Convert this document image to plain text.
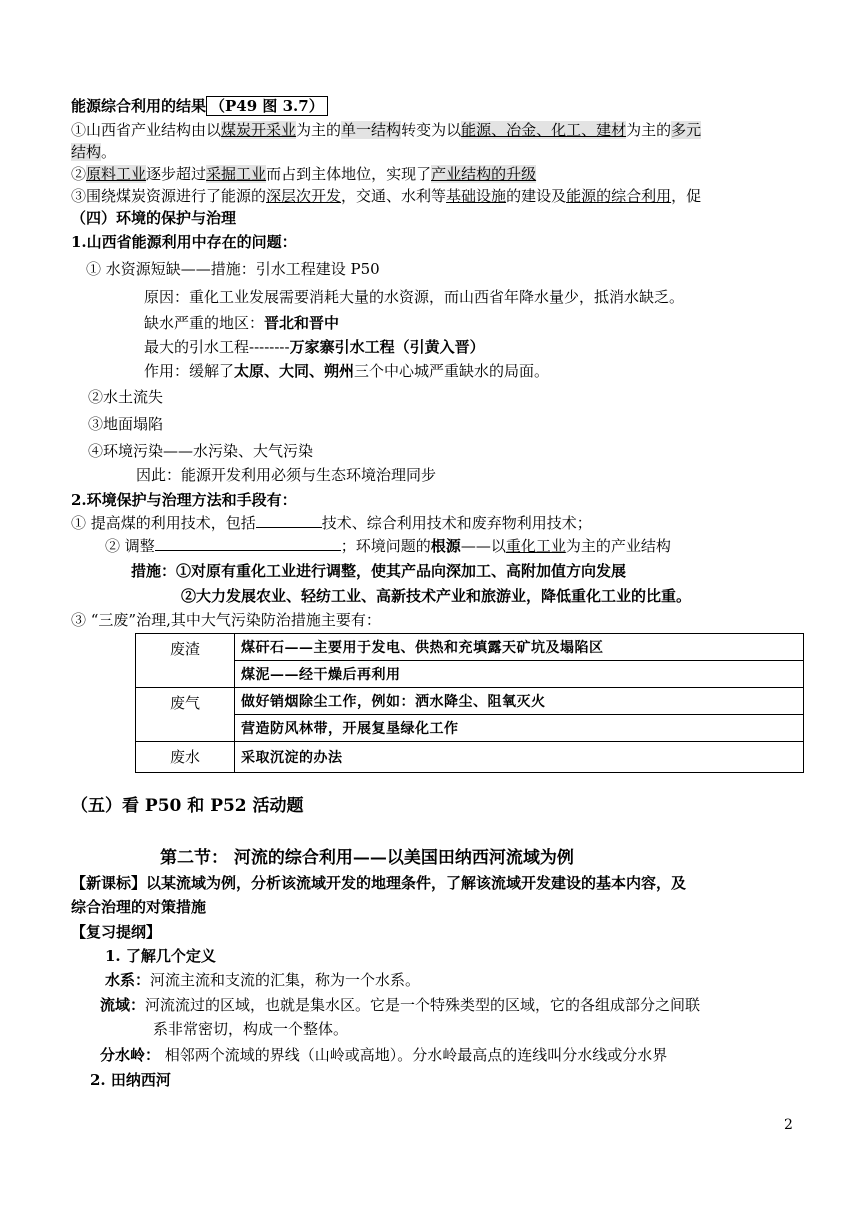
能源综合利用的结果 （P49 图 3.7）
①山西省产业结构由以煤炭开采业为主的单一结构转变为以能源、冶金、化工、建材为主的多元
结构。
②原料工业逐步超过采掘工业而占到主体地位，实现了产业结构的升级
③围绕煤炭资源进行了能源的深层次开发，交通、水利等基础设施的建设及能源的综合利用，促
（四）环境的保护与治理
1.山西省能源利用中存在的问题：
① 水资源短缺——措施：引水工程建设 P50
原因：重化工业发展需要消耗大量的水资源，而山西省年降水量少，抵消水缺乏。
缺水严重的地区：晋北和晋中
最大的引水工程--------万家寨引水工程（引黄入晋）
作用：缓解了太原、大同、朔州三个中心城严重缺水的局面。
②水土流失
③地面塌陷
④环境污染——水污染、大气污染
因此：能源开发利用必须与生态环境治理同步
2.环境保护与治理方法和手段有：
① 提高煤的利用技术，包括	技术、综合利用技术和废弃物利用技术；
② 调整	；环境问题的根源——以重化工业为主的产业结构
措施：①对原有重化工业进行调整，使其产品向深加工、高附加值方向发展
②大力发展农业、轻纺工业、高新技术产业和旅游业，降低重化工业的比重。
③ “三废”治理,其中大气污染防治措施主要有：
废渣	煤矸石——主要用于发电、供热和充填露天矿坑及塌陷区
	煤泥——经干燥后再利用
废气	做好销烟除尘工作，例如：洒水降尘、阻氧灭火
	营造防风林带，开展复垦绿化工作
废水	采取沉淀的办法
（五）看 P50 和 P52 活动题
第二节： 河流的综合利用——以美国田纳西河流域为例
【新课标】以某流域为例，分析该流域开发的地理条件，了解该流域开发建设的基本内容，及
综合治理的对策措施
【复习提纲】
1. 了解几个定义
水系：河流主流和支流的汇集，称为一个水系。
流域：河流流过的区域，也就是集水区。它是一个特殊类型的区域，它的各组成部分之间联
系非常密切，构成一个整体。
分水岭： 相邻两个流域的界线（山岭或高地）。分水岭最高点的连线叫分水线或分水界
2. 田纳西河
2
